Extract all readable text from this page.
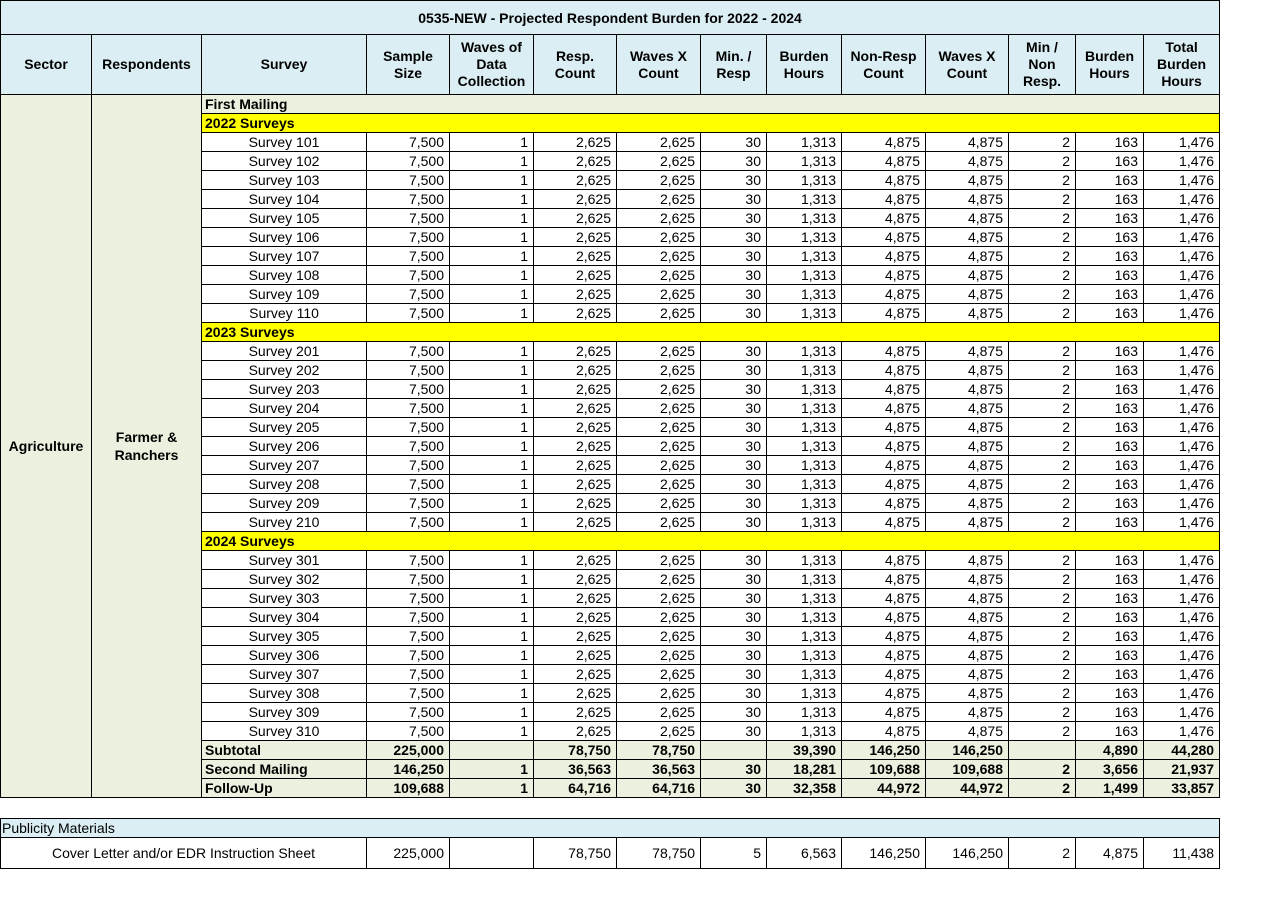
0535-NEW - Projected Respondent Burden for 2022 - 2024													
Sector	Respondents	Survey	Sample Size	Waves of Data Collection	Resp. Count	Waves X Count	Min. / Resp	Burden Hours	Non-Resp Count	Waves X Count	Min / Non Resp.	Burden Hours	Total Burden Hours
Agriculture	Farmer & Ranchers	First Mailing											
		2022 Surveys											
		Survey 101	7,500	1	2,625	2,625	30	1,313	4,875	4,875	2	163	1,476
		Survey 102	7,500	1	2,625	2,625	30	1,313	4,875	4,875	2	163	1,476
		Survey 103	7,500	1	2,625	2,625	30	1,313	4,875	4,875	2	163	1,476
		Survey 104	7,500	1	2,625	2,625	30	1,313	4,875	4,875	2	163	1,476
		Survey 105	7,500	1	2,625	2,625	30	1,313	4,875	4,875	2	163	1,476
		Survey 106	7,500	1	2,625	2,625	30	1,313	4,875	4,875	2	163	1,476
		Survey 107	7,500	1	2,625	2,625	30	1,313	4,875	4,875	2	163	1,476
		Survey 108	7,500	1	2,625	2,625	30	1,313	4,875	4,875	2	163	1,476
		Survey 109	7,500	1	2,625	2,625	30	1,313	4,875	4,875	2	163	1,476
		Survey 110	7,500	1	2,625	2,625	30	1,313	4,875	4,875	2	163	1,476
		2023 Surveys											
		Survey 201	7,500	1	2,625	2,625	30	1,313	4,875	4,875	2	163	1,476
		Survey 202	7,500	1	2,625	2,625	30	1,313	4,875	4,875	2	163	1,476
		Survey 203	7,500	1	2,625	2,625	30	1,313	4,875	4,875	2	163	1,476
		Survey 204	7,500	1	2,625	2,625	30	1,313	4,875	4,875	2	163	1,476
		Survey 205	7,500	1	2,625	2,625	30	1,313	4,875	4,875	2	163	1,476
		Survey 206	7,500	1	2,625	2,625	30	1,313	4,875	4,875	2	163	1,476
		Survey 207	7,500	1	2,625	2,625	30	1,313	4,875	4,875	2	163	1,476
		Survey 208	7,500	1	2,625	2,625	30	1,313	4,875	4,875	2	163	1,476
		Survey 209	7,500	1	2,625	2,625	30	1,313	4,875	4,875	2	163	1,476
		Survey 210	7,500	1	2,625	2,625	30	1,313	4,875	4,875	2	163	1,476
		2024 Surveys											
		Survey 301	7,500	1	2,625	2,625	30	1,313	4,875	4,875	2	163	1,476
		Survey 302	7,500	1	2,625	2,625	30	1,313	4,875	4,875	2	163	1,476
		Survey 303	7,500	1	2,625	2,625	30	1,313	4,875	4,875	2	163	1,476
		Survey 304	7,500	1	2,625	2,625	30	1,313	4,875	4,875	2	163	1,476
		Survey 305	7,500	1	2,625	2,625	30	1,313	4,875	4,875	2	163	1,476
		Survey 306	7,500	1	2,625	2,625	30	1,313	4,875	4,875	2	163	1,476
		Survey 307	7,500	1	2,625	2,625	30	1,313	4,875	4,875	2	163	1,476
		Survey 308	7,500	1	2,625	2,625	30	1,313	4,875	4,875	2	163	1,476
		Survey 309	7,500	1	2,625	2,625	30	1,313	4,875	4,875	2	163	1,476
		Survey 310	7,500	1	2,625	2,625	30	1,313	4,875	4,875	2	163	1,476
		Subtotal	225,000		78,750	78,750		39,390	146,250	146,250		4,890	44,280
		Second Mailing	146,250	1	36,563	36,563	30	18,281	109,688	109,688	2	3,656	21,937
		Follow-Up	109,688	1	64,716	64,716	30	32,358	44,972	44,972	2	1,499	33,857

Publicity Materials													
Cover Letter and/or EDR Instruction Sheet			225,000		78,750	78,750	5	6,563	146,250	146,250	2	4,875	11,438
